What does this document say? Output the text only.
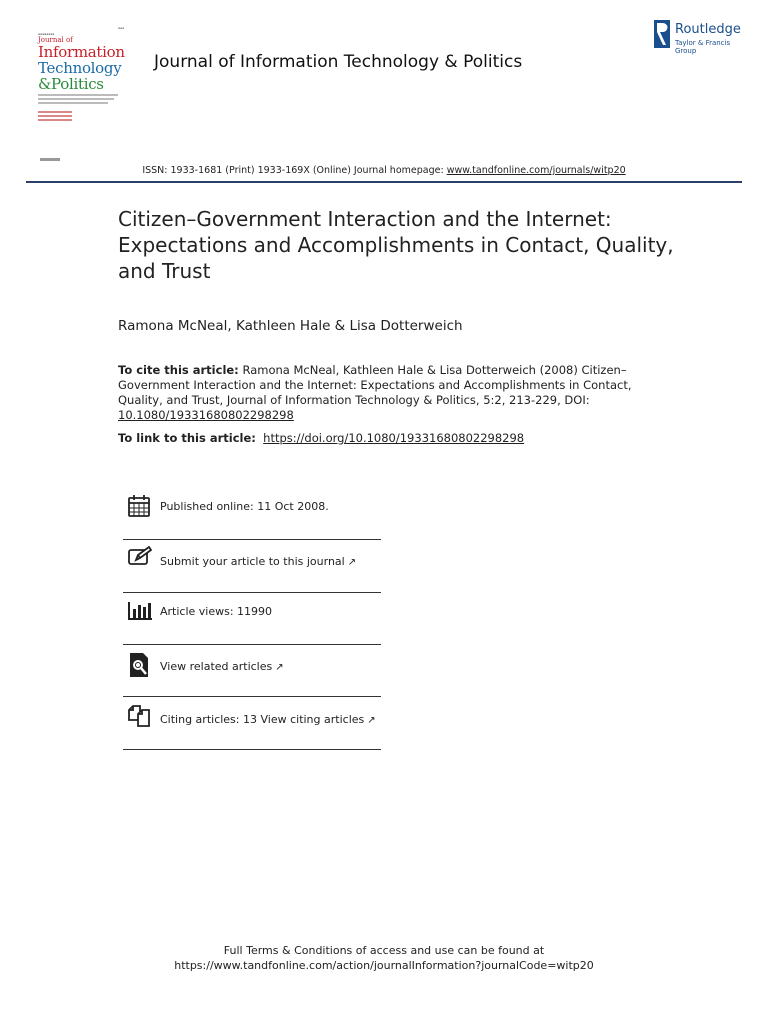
▪▪▪
▪▪▪▪▪▪▪▪
Journal of
Information
Technology
&Politics
Journal of Information Technology & Politics
Routledge
Taylor & Francis Group
ISSN: 1933-1681 (Print) 1933-169X (Online) Journal homepage: www.tandfonline.com/journals/witp20
Citizen–Government Interaction and the Internet: Expectations and Accomplishments in Contact, Quality, and Trust
Ramona McNeal, Kathleen Hale & Lisa Dotterweich
To cite this article: Ramona McNeal, Kathleen Hale & Lisa Dotterweich (2008) Citizen–Government Interaction and the Internet: Expectations and Accomplishments in Contact, Quality, and Trust, Journal of Information Technology & Politics, 5:2, 213-229, DOI: 10.1080/19331680802298298
To link to this article: https://doi.org/10.1080/19331680802298298
Published online: 11 Oct 2008.
Submit your article to this journal ↗
Article views: 11990
View related articles ↗
Citing articles: 13 View citing articles ↗
Full Terms & Conditions of access and use can be found at
https://www.tandfonline.com/action/journalInformation?journalCode=witp20
